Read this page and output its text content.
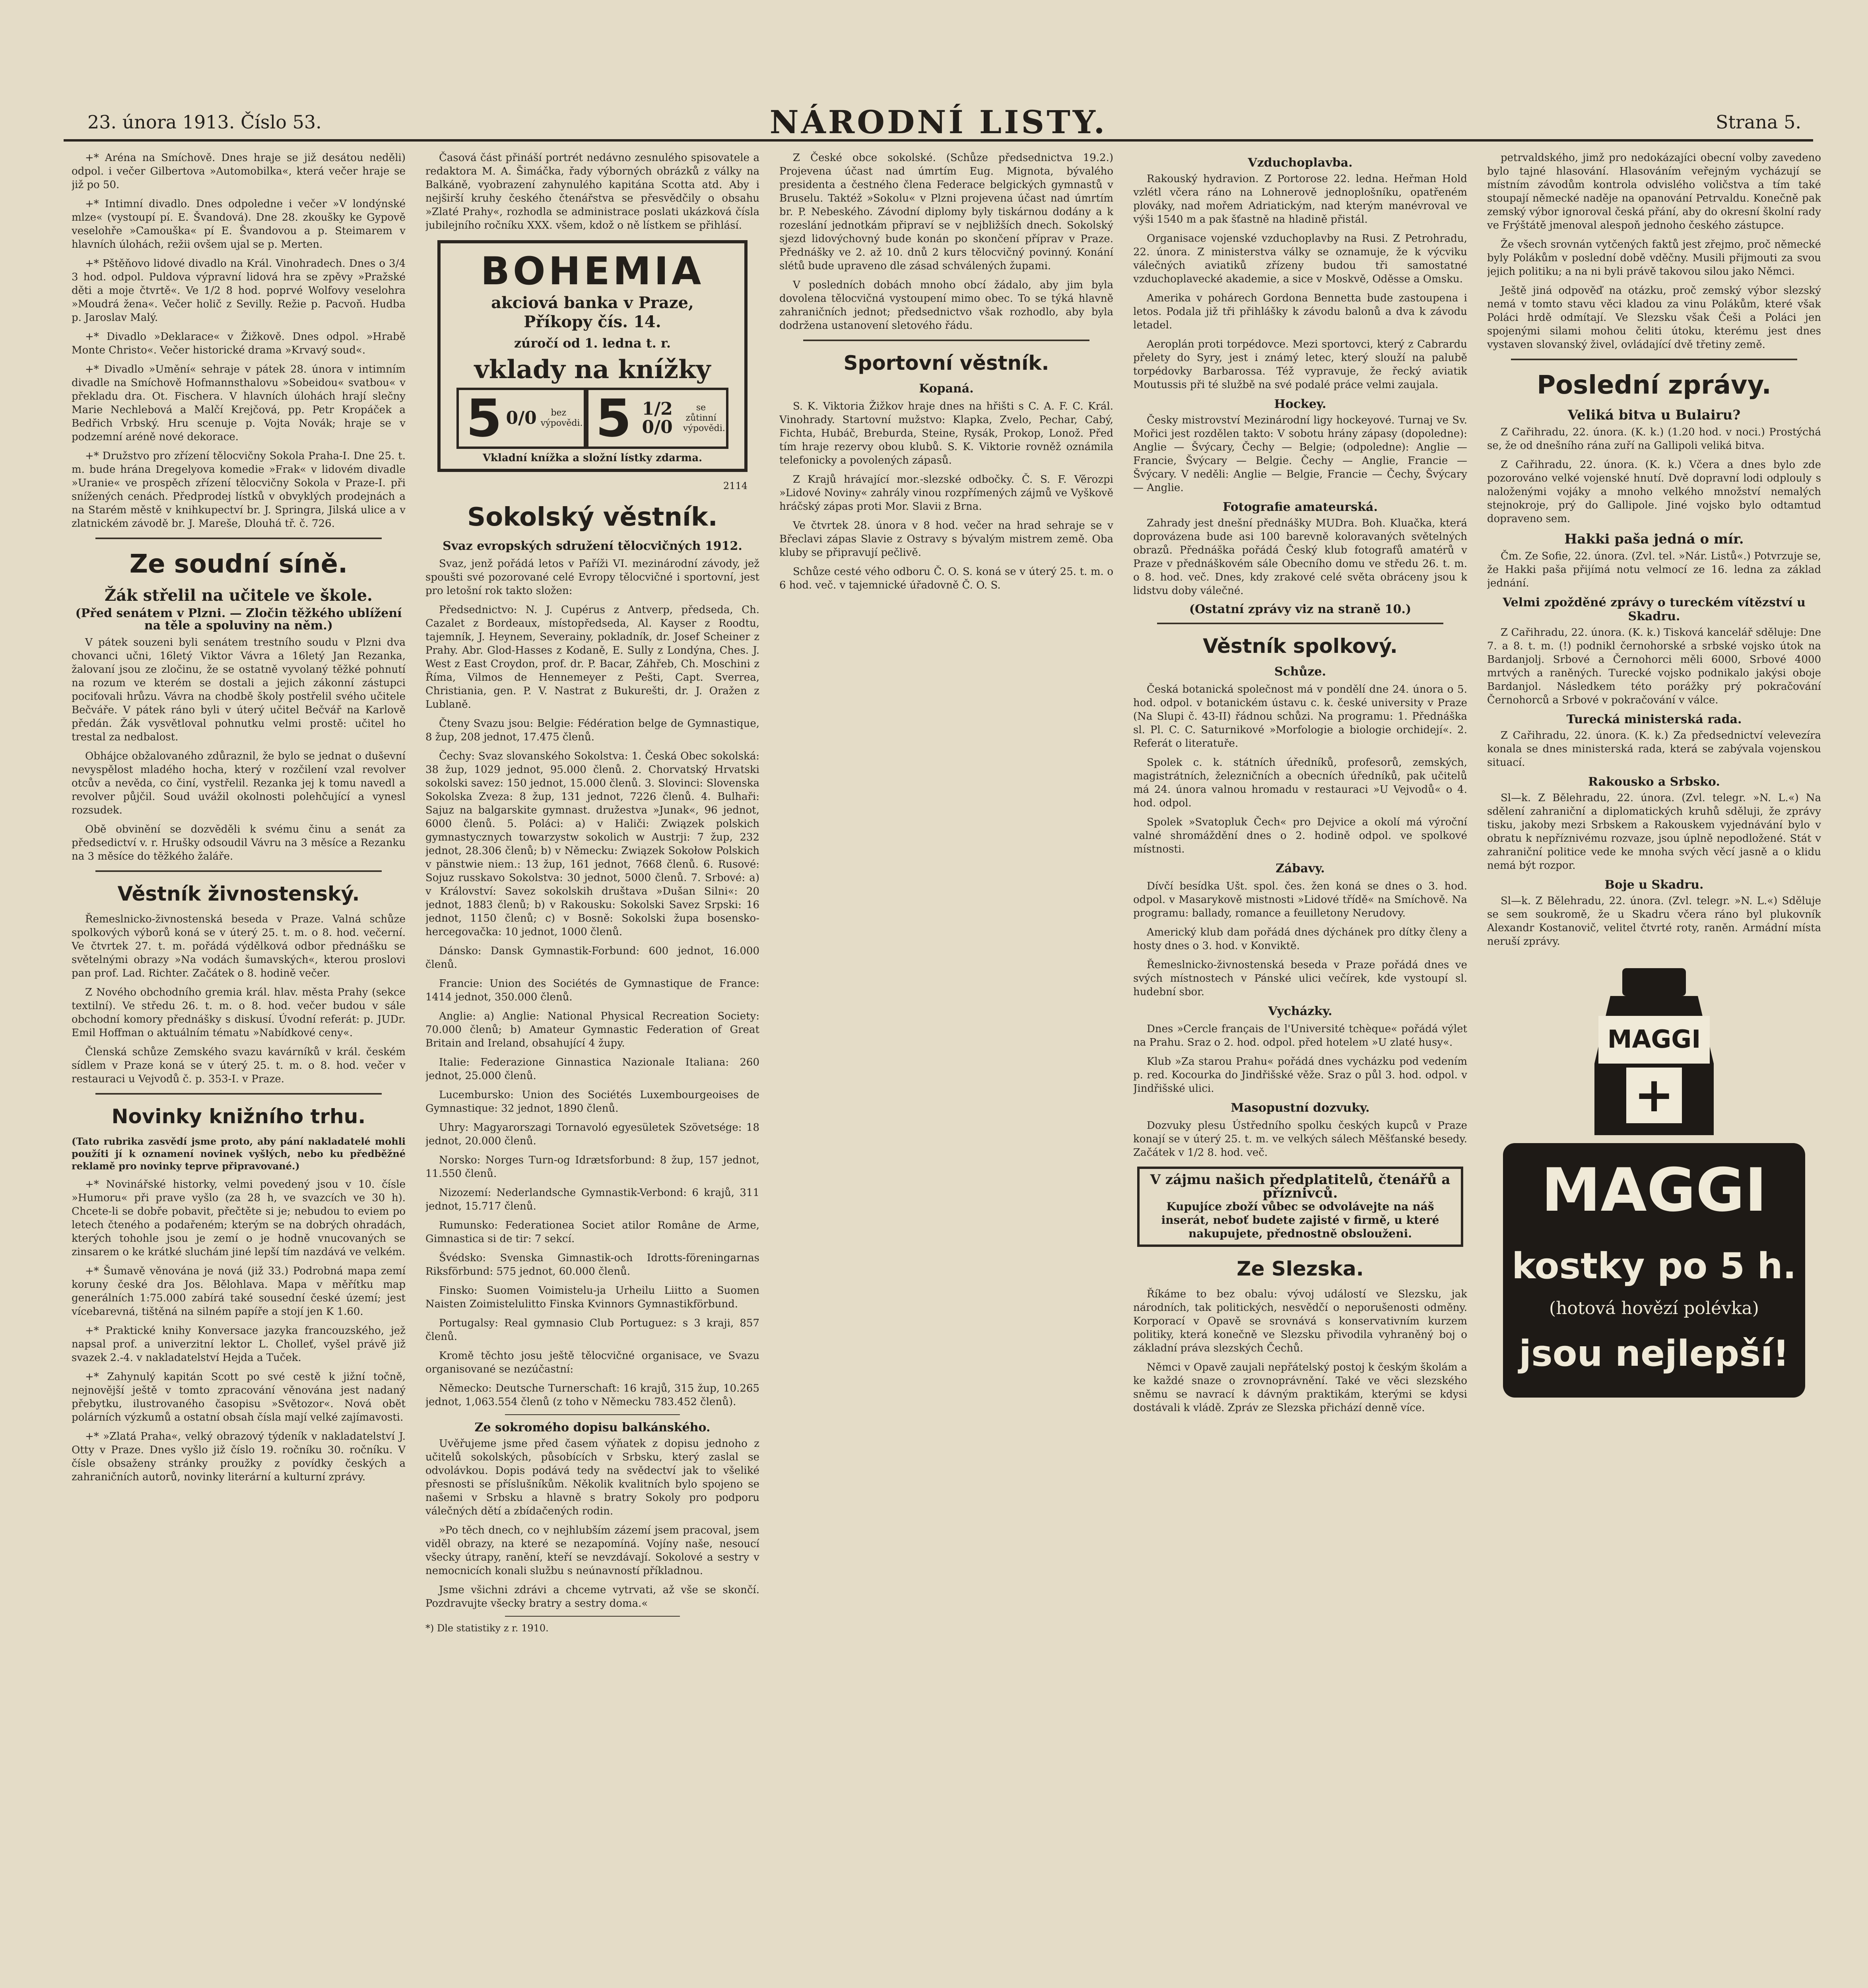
23. února 1913. Číslo 53.	NÁRODNÍ LISTY.	Strana 5.

+* Aréna na Smíchově. Dnes hraje se již desátou neděli) odpol. i večer Gilbertova »Automobilka«, která večer hraje se již po 50.

+* Intimní divadlo. Dnes odpoledne i večer »V londýnské mlze« (vystoupí pí. E. Švandová). Dne 28. zkoušky ke Gypově veselohře »Camouška« pí E. Švandovou a p. Steimarem v hlavních úlohách, režii ovšem ujal se p. Merten.

+* Pštěňovo lidové divadlo na Král. Vinohradech. Dnes o 3/4 3 hod. odpol. Puldova výpravní lidová hra se zpěvy »Pražské děti a moje čtvrtě«. Ve 1/2 8 hod. poprvé Wolfovy veselohra »Moudrá žena«. Večer holič z Sevilly. Režie p. Pacvoň. Hudba p. Jaroslav Malý.

+* Divadlo »Deklarace« v Žižkově. Dnes odpol. »Hrabě Monte Christo«. Večer historické drama »Krvavý soud«.

+* Divadlo »Umění« sehraje v pátek 28. února v intimním divadle na Smíchově Hofmannsthalovu »Sobeidou« svatbou« v překladu dra. Ot. Fischera. V hlavních úlohách hrají slečny Marie Nechlebová a Malčí Krejčová, pp. Petr Kropáček a Bedřich Vrbský. Hru scenuje p. Vojta Novák; hraje se v podzemní aréně nové dekorace.

+* Družstvo pro zřízení tělocvičny Sokola Praha-I. Dne 25. t. m. bude hrána Dregelyova komedie »Frak« v lidovém divadle »Uranie« ve prospěch zřízení tělocvičny Sokola v Praze-I. při snížených cenách. Předprodej lístků v obvyklých prodejnách a na Starém městě v knihkupectví br. J. Springra, Jilská ulice a v zlatnickém závodě br. J. Mareše, Dlouhá tř. č. 726.

Ze soudní síně.
Žák střelil na učitele ve škole.
(Před senátem v Plzni. — Zločin těžkého ublížení na těle a spoluviny na něm.)

V pátek souzeni byli senátem trestního soudu v Plzni dva chovanci učni, 16letý Viktor Vávra a 16letý Jan Rezanka, žalovaní jsou ze zločinu, že se ostatně vyvolaný těžké pohnutí na rozum ve kterém se dostali a jejich zákonní zástupci pociťovali hrůzu. Vávra na chodbě školy postřelil svého učitele Bečváře. V pátek ráno byli v úterý učitel Bečvář na Karlově předán. Žák vysvětloval pohnutku velmi prostě: učitel ho trestal za nedbalost.

Obhájce obžalovaného zdůraznil, že bylo se jednat o duševní nevyspělost mladého hocha, který v rozčilení vzal revolver otcův a nevěda, co činí, vystřelil. Rezanka jej k tomu navedl a revolver půjčil. Soud uvážil okolnosti polehčující a vynesl rozsudek.

Obě obvinění se dozvěděli k svému činu a senát za předsedictví v. r. Hrušky odsoudil Vávru na 3 měsíce a Rezanku na 3 měsíce do těžkého žaláře.

Věstník živnostenský.

Řemeslnicko-živnostenská beseda v Praze. Valná schůze spolkových výborů koná se v úterý 25. t. m. o 8. hod. večerní. Ve čtvrtek 27. t. m. pořádá výdělková odbor přednášku se světelnými obrazy »Na vodách šumavských«, kterou proslovi pan prof. Lad. Richter. Začátek o 8. hodině večer.

Z Nového obchodního gremia král. hlav. města Prahy (sekce textilní). Ve středu 26. t. m. o 8. hod. večer budou v sále obchodní komory přednášky s diskusí. Úvodní referát: p. JUDr. Emil Hoffman o aktuálním tématu »Nabídkové ceny«.

Členská schůze Zemského svazu kavárníků v král. českém sídlem v Praze koná se v úterý 25. t. m. o 8. hod. večer v restauraci u Vejvodů č. p. 353-I. v Praze.

Novinky knižního trhu.

(Tato rubrika zasvědí jsme proto, aby pání nakladatelé mohli použíti jí k oznamení novinek vyšlých, nebo ku předběžné reklamě pro novinky teprve připravované.)

+* Novinářské historky, velmi povedený jsou v 10. čísle »Humoru« při prave vyšlo (za 28 h, ve svazcích ve 30 h). Chcete-li se dobře pobavit, přečtěte si je; nebudou to eviem po letech čteného a podařeném; kterým se na dobrých ohradách, kterých tohohle jsou je zemí o je hodně vnucovaných se zinsarem o ke krátké sluchám jiné lepší tím nazdává ve velkém.

+* Šumavě věnována je nová (již 33.) Podrobná mapa zemí koruny české dra Jos. Bělohlava. Mapa v měřítku map generálních 1:75.000 zabírá také sousední české území; jest vícebarevná, tištěná na silném papíře a stojí jen K 1.60.

+* Praktické knihy Konversace jazyka francouzského, jež napsal prof. a univerzitní lektor L. Cholleť, vyšel právě již svazek 2.-4. v nakladatelství Hejda a Tuček.

+* Zahynulý kapitán Scott po své cestě k jižní točně, nejnovější ještě v tomto zpracování věnována jest nadaný přebytku, ilustrovaného časopisu »Světozor«. Nová obět polárních výzkumů a ostatní obsah čísla mají velké zajímavosti.

+* »Zlatá Praha«, velký obrazový týdeník v nakladatelství J. Otty v Praze. Dnes vyšlo již číslo 19. ročníku 30. ročníku. V čísle obsaženy stránky proužky z povídky českých a zahraničních autorů, novinky literární a kulturní zprávy.

Časová část přináší portrét nedávno zesnulého spisovatele a redaktora M. A. Šimáčka, řady výborných obrázků z války na Balkáně, vyobrazení zahynulého kapitána Scotta atd. Aby i nejširší kruhy českého čtenářstva se přesvědčily o obsahu »Zlaté Prahy«, rozhodla se administrace poslati ukázková čísla jubilejního ročníku XXX. všem, kdož o ně lístkem se přihlásí.

BOHEMIA
akciová banka v Praze,
Příkopy čís. 14.
zúročí od 1. ledna t. r.
vklady na knížky
5 0/0	bez výpovědi. 5 1/2 0/0
se zůtinní výpovědi.
Vkladní knížka a složní lístky zdarma.
2114
Sokolský věstník.
Svaz evropských sdružení tělocvičných 1912.

Svaz, jenž pořádá letos v Paříži VI. mezinárodní závody, jež spoušti své pozorované celé Evropy tělocvičné i sportovní, jest pro letošní rok takto složen:

Předsednictvo: N. J. Cupérus z Antverp, předseda, Ch. Cazalet z Bordeaux, místopředseda, Al. Kayser z Roodtu, tajemník, J. Heynem, Severainy, pokladník, dr. Josef Scheiner z Prahy. Abr. Glod-Hasses z Kodaně, E. Sully z Londýna, Ches. J. West z East Croydon, prof. dr. P. Bacar, Záhřeb, Ch. Moschini z Říma, Vilmos de Hennemeyer z Pešti, Capt. Sverrea, Christiania, gen. P. V. Nastrat z Bukurešti, dr. J. Oražen z Lublaně.

Čteny Svazu jsou: Belgie: Fédération belge de Gymnastique, 8 žup, 208 jednot, 17.475 členů.

Čechy: Svaz slovanského Sokolstva: 1. Česká Obec sokolská: 38 žup, 1029 jednot, 95.000 členů. 2. Chorvatský Hrvatski sokolski savez: 150 jednot, 15.000 členů. 3. Slovinci: Slovenska Sokolska Zveza: 8 žup, 131 jednot, 7226 členů. 4. Bulhaři: Sajuz na balgarskite gymnast. družestva »Junak«, 96 jednot, 6000 členů. 5. Poláci: a) v Haliči: Związek polskich gymnastycznych towarzystw sokolich w Austrji: 7 žup, 232 jednot, 28.306 členů; b) v Německu: Związek Sokołow Polskich v pänstwie niem.: 13 žup, 161 jednot, 7668 členů. 6. Rusové: Sojuz russkavo Sokolstva: 30 jednot, 5000 členů. 7. Srbové: a) v Království: Savez sokolskih društava »Dušan Silni«: 20 jednot, 1883 členů; b) v Rakousku: Sokolski Savez Srpski: 16 jednot, 1150 členů; c) v Bosně: Sokolski župa bosensko-hercegovačka: 10 jednot, 1000 členů.

Dánsko: Dansk Gymnastik-Forbund: 600 jednot, 16.000 členů.

Francie: Union des Sociétés de Gymnastique de France: 1414 jednot, 350.000 členů.

Anglie: a) Anglie: National Physical Recreation Society: 70.000 členů; b) Amateur Gymnastic Federation of Great Britain and Ireland, obsahující 4 župy.

Italie: Federazione Ginnastica Nazionale Italiana: 260 jednot, 25.000 členů.

Lucembursko: Union des Sociétés Luxembourgeoises de Gymnastique: 32 jednot, 1890 členů.

Uhry: Magyarorszagi Tornavoló egyesületek Szövetsége: 18 jednot, 20.000 členů.

Norsko: Norges Turn-og Idrætsforbund: 8 žup, 157 jednot, 11.550 členů.

Nizozemí: Nederlandsche Gymnastik-Verbond: 6 krajů, 311 jednot, 15.717 členů.

Rumunsko: Federationea Societ atilor Române de Arme, Gimnastica si de tir: 7 sekcí.

Švédsko: Svenska Gimnastik-och Idrotts-föreningarnas Riksförbund: 575 jednot, 60.000 členů.

Finsko: Suomen Voimistelu-ja Urheilu Liitto a Suomen Naisten Zoimistelulitto Finska Kvinnors Gymnastikförbund.

Portugalsy: Real gymnasio Club Portuguez: s 3 kraji, 857 členů.

Kromě těchto josu ještě tělocvičné organisace, ve Svazu organisované se nezúčastní:

Německo: Deutsche Turnerschaft: 16 krajů, 315 žup, 10.265 jednot, 1,063.554 členů (z toho v Německu 783.452 členů).

Ze sokromého dopisu balkánského.

Uvěřujeme jsme před časem výňatek z dopisu jednoho z učitelů sokolských, působících v Srbsku, který zaslal se odvolávkou. Dopis podává tedy na svědectví jak to všeliké přesnosti se příslušníkům. Několik kvalitních bylo spojeno se našemi v Srbsku a hlavně s bratry Sokoly pro podporu válečných dětí a zbídačených rodin.

»Po těch dnech, co v nejhlubším zázemí jsem pracoval, jsem viděl obrazy, na které se nezapomíná. Vojíny naše, nesoucí všecky útrapy, ranění, kteří se nevzdávají. Sokolové a sestry v nemocnicích konali službu s neúnavností příkladnou.

Jsme všichni zdrávi a chceme vytrvati, až vše se skončí. Pozdravujte všecky bratry a sestry doma.«

*) Dle statistiky z r. 1910.

Z České obce sokolské. (Schůze předsednictva 19.2.) Projevena účast nad úmrtím Eug. Mignota, bývalého presidenta a čestného člena Federace belgických gymnastů v Bruselu. Taktéž »Sokolu« v Plzni projevena účast nad úmrtím br. P. Nebeského. Závodní diplomy byly tiskárnou dodány a k rozeslání jednotkám připraví se v nejbližších dnech. Sokolský sjezd lidovýchovný bude konán po skončení příprav v Praze. Přednášky ve 2. až 10. dnů 2 kurs tělocvičný povinný. Konání slétů bude upraveno dle zásad schválených župami.

V posledních dobách mnoho obcí žádalo, aby jim byla dovolena tělocvičná vystoupení mimo obec. To se týká hlavně zahraničních jednot; předsednictvo však rozhodlo, aby byla dodržena ustanovení sletového řádu.

Sportovní věstník.
Kopaná.

S. K. Viktoria Žižkov hraje dnes na hřišti s C. A. F. C. Král. Vinohrady. Startovní mužstvo: Klapka, Zvelo, Pechar, Cabý, Fichta, Hubáč, Breburda, Steine, Rysák, Prokop, Lonož. Před tím hraje rezervy obou klubů. S. K. Viktorie rovněž oznámila telefonicky a povolených zápasů.

Z Krajů hrávající mor.-slezské odbočky. Č. S. F. Věrozpi »Lidové Noviny« zahrály vinou rozpřímených zájmů ve Vyškově hráčský zápas proti Mor. Slavii z Brna.

Ve čtvrtek 28. února v 8 hod. večer na hrad sehraje se v Břeclavi zápas Slavie z Ostravy s bývalým mistrem země. Oba kluby se připravují pečlivě.

Schůze cesté vého odboru Č. O. S. koná se v úterý 25. t. m. o 6 hod. več. v tajemnické úřadovně Č. O. S.

Vzduchoplavba.

Rakouský hydravion. Z Portorose 22. ledna. Heřman Hold vzlétl včera ráno na Lohnerově jednoplošníku, opatřeném plováky, nad mořem Adriatickým, nad kterým manévroval ve výši 1540 m a pak šťastně na hladině přistál.

Organisace vojenské vzduchoplavby na Rusi. Z Petrohradu, 22. února. Z ministerstva války se oznamuje, že k výcviku válečných aviatiků zřízeny budou tři samostatné vzduchoplavecké akademie, a sice v Moskvě, Oděsse a Omsku.

Amerika v pohárech Gordona Bennetta bude zastoupena i letos. Podala již tři přihlášky k závodu balonů a dva k závodu letadel.

Aeroplán proti torpédovce. Mezi sportovci, který z Cabrardu přelety do Syry, jest i známý letec, který slouží na palubě torpédovky Barbarossa. Též vypravuje, že řecký aviatik Moutussis při té službě na své podalé práce velmi zaujala.

Hockey.

Česky mistrovství Mezinárodní ligy hockeyové. Turnaj ve Sv. Mořici jest rozdělen takto: V sobotu hrány zápasy (dopoledne): Anglie — Švýcary, Čechy — Belgie; (odpoledne): Anglie — Francie, Švýcary — Belgie. Čechy — Anglie, Francie — Švýcary. V neděli: Anglie — Belgie, Francie — Čechy, Švýcary — Anglie.

Fotografie amateurská.

Zahrady jest dnešní přednášky MUDra. Boh. Kluačka, která doprovázena bude asi 100 barevně koloravaných světelných obrazů. Přednáška pořádá Český klub fotografů amatérů v Praze v přednáškovém sále Obecního domu ve středu 26. t. m. o 8. hod. več. Dnes, kdy zrakové celé světa obráceny jsou k lidstvu doby válečné.

(Ostatní zprávy viz na straně 10.)
Věstník spolkový.
Schůze.

Česká botanická společnost má v pondělí dne 24. února o 5. hod. odpol. v botanickém ústavu c. k. české university v Praze (Na Slupi č. 43-II) řádnou schůzi. Na programu: 1. Přednáška sl. Pl. C. C. Saturnikové »Morfologie a biologie orchidejí«. 2. Referát o literatuře.

Spolek c. k. státních úředníků, profesorů, zemských, magistrátních, železničních a obecních úředníků, pak učitelů má 24. února valnou hromadu v restauraci »U Vejvodů« o 4. hod. odpol.

Spolek »Svatopluk Čech« pro Dejvice a okolí má výroční valné shromáždění dnes o 2. hodině odpol. ve spolkové místnosti.

Zábavy.

Dívčí besídka Ušt. spol. čes. žen koná se dnes o 3. hod. odpol. v Masarykově mistnosti »Lidové třídě« na Smíchově. Na programu: ballady, romance a feuilletony Nerudovy.

Americký klub dam pořádá dnes dýchánek pro dítky členy a hosty dnes o 3. hod. v Konviktě.

Řemeslnicko-živnostenská beseda v Praze pořádá dnes ve svých místnostech v Pánské ulici večírek, kde vystoupí sl. hudební sbor.

Vycházky.

Dnes »Cercle français de l'Université tchèque« pořádá výlet na Prahu. Sraz o 2. hod. odpol. před hotelem »U zlaté husy«.

Klub »Za starou Prahu« pořádá dnes vycházku pod vedením p. red. Kocourka do Jindřišské věže. Sraz o půl 3. hod. odpol. v Jindřišské ulici.

Masopustní dozvuky.

Dozvuky plesu Ústředního spolku českých kupců v Praze konají se v úterý 25. t. m. ve velkých sálech Měšťanské besedy. Začátek v 1/2 8. hod. več.

V zájmu našich předplatitelů, čtenářů a příznivců.
Kupujíce zboží vůbec se odvolávejte na náš inserát, neboť budete zajisté v firmě, u které nakupujete, přednostně obslouženi.
Ze Slezska.

Říkáme to bez obalu: vývoj událostí ve Slezsku, jak národních, tak politických, nesvědčí o neporušenosti odměny. Korporací v Opavě se srovnává s konservativním kurzem politiky, která konečně ve Slezsku přivodila vyhraněný boj o základní práva slezských Čechů.

Němci v Opavě zaujali nepřátelský postoj k českým školám a ke každé snaze o zrovnoprávnění. Také ve věci slezského sněmu se navrací k dávným praktikám, kterými se kdysi dostávali k vládě. Zpráv ze Slezska přichází denně více.

petrvaldského, jimž pro nedokázajíci obecní volby zavedeno bylo tajné hlasování. Hlasováním veřejným vycházují se místním závodům kontrola odvislého voličstva a tím také stoupají německé naděje na opanování Petrvaldu. Konečně pak zemský výbor ignoroval česká přání, aby do okresní školní rady ve Frýštátě jmenoval alespoň jednoho českého zástupce.

Že všech srovnán vytčených faktů jest zřejmo, proč německé byly Polákům v poslední době vděčny. Musili přijmouti za svou jejich politiku; a na ni byli právě takovou silou jako Němci.

Ještě jiná odpověď na otázku, proč zemský výbor slezský nemá v tomto stavu věci kladou za vinu Polákům, které však Poláci hrdě odmítají. Ve Slezsku však Češi a Poláci jen spojenými silami mohou čeliti útoku, kterému jest dnes vystaven slovanský živel, ovládající dvě třetiny země.

Poslední zprávy.
Veliká bitva u Bulairu?

Z Cařihradu, 22. února. (K. k.) (1.20 hod. v noci.) Prostýchá se, že od dnešního rána zuří na Gallipoli veliká bitva.

Z Cařihradu, 22. února. (K. k.) Včera a dnes bylo zde pozorováno velké vojenské hnutí. Dvě dopravní lodi odplouly s naloženými vojáky a mnoho velkého množství nemalých stejnokroje, prý do Gallipole. Jiné vojsko bylo odtamtud dopraveno sem.

Hakki paša jedná o mír.

Čm. Ze Sofie, 22. února. (Zvl. tel. »Nár. Listů«.) Potvrzuje se, že Hakki paša přijímá notu velmocí ze 16. ledna za základ jednání.

Velmi zpožděné zprávy o tureckém vítězství u Skadru.

Z Cařihradu, 22. února. (K. k.) Tisková kancelář sděluje: Dne 7. a 8. t. m. (!) podnikl černohorské a srbské vojsko útok na Bardanjolj. Srbové a Černohorci měli 6000, Srbové 4000 mrtvých a raněných. Turecké vojsko podnikalo jakýsi oboje Bardanjol. Následkem této porážky prý pokračování Černohorců a Srbové v pokračování v válce.

Turecká ministerská rada.

Z Cařihradu, 22. února. (K. k.) Za předsednictví velevezíra konala se dnes ministerská rada, která se zabývala vojenskou situací.

Rakousko a Srbsko.

Sl—k. Z Bělehradu, 22. února. (Zvl. telegr. »N. L.«) Na sdělení zahraniční a diplomatických kruhů sděluji, že zprávy tisku, jakoby mezi Srbskem a Rakouskem vyjednávání bylo v obratu k nepříznivému rozvaze, jsou úplně nepodložené. Stát v zahraniční politice vede ke mnoha svých věcí jasně a o klidu nemá být rozpor.

Boje u Skadru.

Sl—k. Z Bělehradu, 22. února. (Zvl. telegr. »N. L.«) Sděluje se sem soukromě, že u Skadru včera ráno byl plukovník Alexandr Kostanovič, velitel čtvrté roty, raněn. Armádní místa neruší zprávy.

MAGGI
+
MAGGI
kostky po 5 h.
(hotová hovězí polévka)
jsou nejlepší!
